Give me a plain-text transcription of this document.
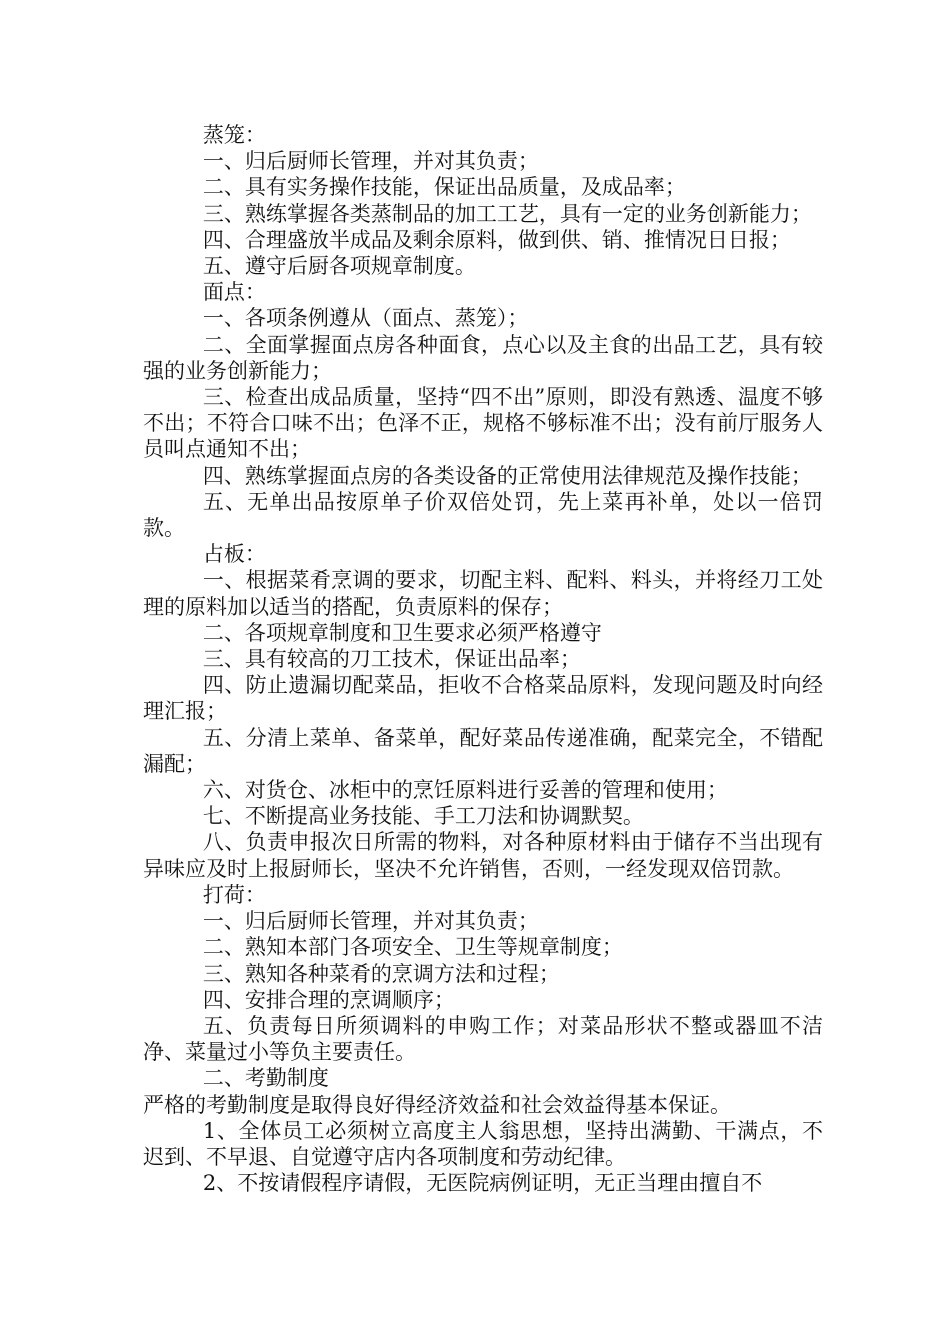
蒸笼：

一、归后厨师长管理，并对其负责；

二、具有实务操作技能，保证出品质量，及成品率；

三、熟练掌握各类蒸制品的加工工艺，具有一定的业务创新能力；

四、合理盛放半成品及剩余原料，做到供、销、推情况日日报；

五、遵守后厨各项规章制度。

面点：

一、各项条例遵从（面点、蒸笼）；

二、全面掌握面点房各种面食，点心以及主食的出品工艺，具有较强的业务创新能力；

三、检查出成品质量，坚持“四不出”原则，即没有熟透、温度不够不出；不符合口味不出；色泽不正，规格不够标准不出；没有前厅服务人员叫点通知不出；

四、熟练掌握面点房的各类设备的正常使用法律规范及操作技能；

五、无单出品按原单子价双倍处罚，先上菜再补单，处以一倍罚款。

占板：

一、根据菜肴烹调的要求，切配主料、配料、料头，并将经刀工处理的原料加以适当的搭配，负责原料的保存；

二、各项规章制度和卫生要求必须严格遵守

三、具有较高的刀工技术，保证出品率；

四、防止遗漏切配菜品，拒收不合格菜品原料，发现问题及时向经理汇报；

五、分清上菜单、备菜单，配好菜品传递准确，配菜完全，不错配漏配；

六、对货仓、冰柜中的烹饪原料进行妥善的管理和使用；

七、不断提高业务技能、手工刀法和协调默契。

八、负责申报次日所需的物料，对各种原材料由于储存不当出现有异味应及时上报厨师长，坚决不允许销售，否则，一经发现双倍罚款。

打荷：

一、归后厨师长管理，并对其负责；

二、熟知本部门各项安全、卫生等规章制度；

三、熟知各种菜肴的烹调方法和过程；

四、安排合理的烹调顺序；

五、负责每日所须调料的申购工作；对菜品形状不整或器皿不洁净、菜量过小等负主要责任。

二、考勤制度

严格的考勤制度是取得良好得经济效益和社会效益得基本保证。

1、全体员工必须树立高度主人翁思想，坚持出满勤、干满点，不迟到、不早退、自觉遵守店内各项制度和劳动纪律。

2、不按请假程序请假，无医院病例证明，无正当理由擅自不
